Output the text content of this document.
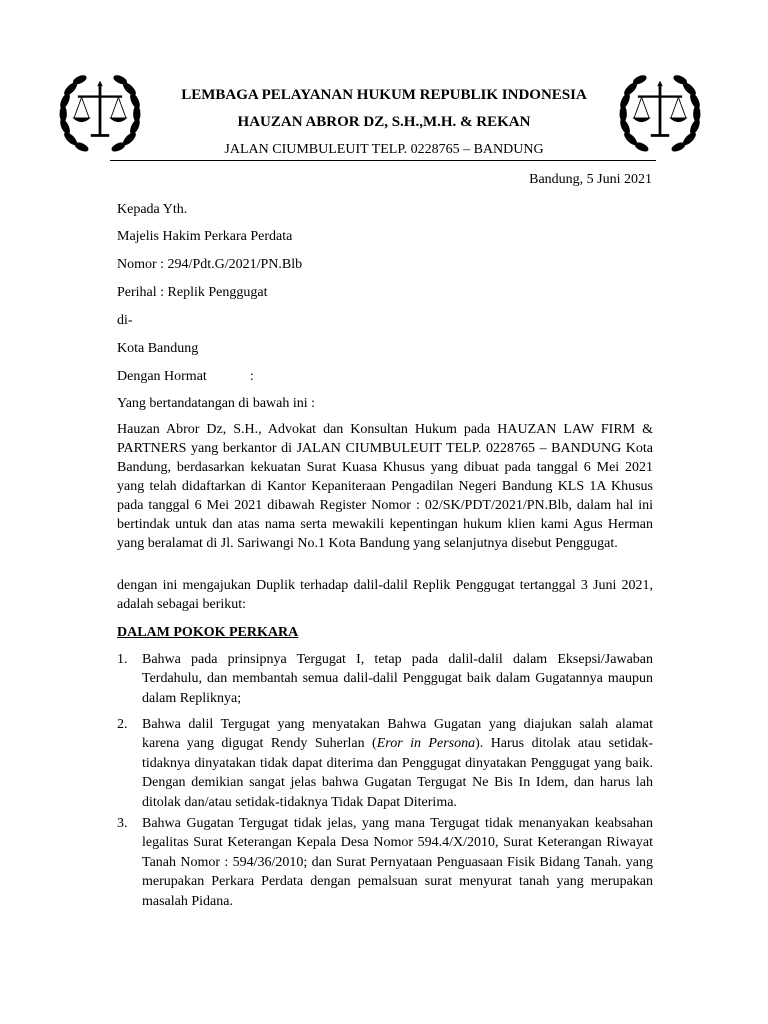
LEMBAGA PELAYANAN HUKUM REPUBLIK INDONESIA
HAUZAN ABROR DZ, S.H.,M.H. & REKAN
JALAN CIUMBULEUIT TELP. 0228765 – BANDUNG
Bandung, 5 Juni 2021
Kepada Yth.
Majelis Hakim Perkara Perdata
Nomor : 294/Pdt.G/2021/PN.Blb
Perihal : Replik Penggugat
di-
Kota Bandung
Dengan Hormat	:
Yang bertandatangan di bawah ini :
Hauzan Abror Dz, S.H., Advokat dan Konsultan Hukum pada HAUZAN LAW FIRM & PARTNERS yang berkantor di JALAN CIUMBULEUIT TELP. 0228765 – BANDUNG Kota Bandung, berdasarkan kekuatan Surat Kuasa Khusus yang dibuat pada tanggal 6 Mei 2021 yang telah didaftarkan di Kantor Kepaniteraan Pengadilan Negeri Bandung KLS 1A Khusus pada tanggal 6 Mei 2021 dibawah Register Nomor : 02/SK/PDT/2021/PN.Blb, dalam hal ini bertindak untuk dan atas nama serta mewakili kepentingan hukum klien kami Agus Herman yang beralamat di Jl. Sariwangi No.1 Kota Bandung yang selanjutnya disebut Penggugat.
dengan ini mengajukan Duplik terhadap dalil-dalil Replik Penggugat tertanggal 3 Juni 2021, adalah sebagai berikut:
DALAM POKOK PERKARA
1. Bahwa pada prinsipnya Tergugat I, tetap pada dalil-dalil dalam Eksepsi/Jawaban Terdahulu, dan membantah semua dalil-dalil Penggugat baik dalam Gugatannya maupun dalam Repliknya;
2. Bahwa dalil Tergugat yang menyatakan Bahwa Gugatan yang diajukan salah alamat karena yang digugat Rendy Suherlan (Eror in Persona). Harus ditolak atau setidak-tidaknya dinyatakan tidak dapat diterima dan Penggugat dinyatakan Penggugat yang baik. Dengan demikian sangat jelas bahwa Gugatan Tergugat Ne Bis In Idem, dan harus lah ditolak dan/atau setidak-tidaknya Tidak Dapat Diterima.
3. Bahwa Gugatan Tergugat tidak jelas, yang mana Tergugat tidak menanyakan keabsahan legalitas Surat Keterangan Kepala Desa Nomor 594.4/X/2010, Surat Keterangan Riwayat Tanah Nomor : 594/36/2010; dan Surat Pernyataan Penguasaan Fisik Bidang Tanah. yang merupakan Perkara Perdata dengan pemalsuan surat menyurat tanah yang merupakan masalah Pidana.
